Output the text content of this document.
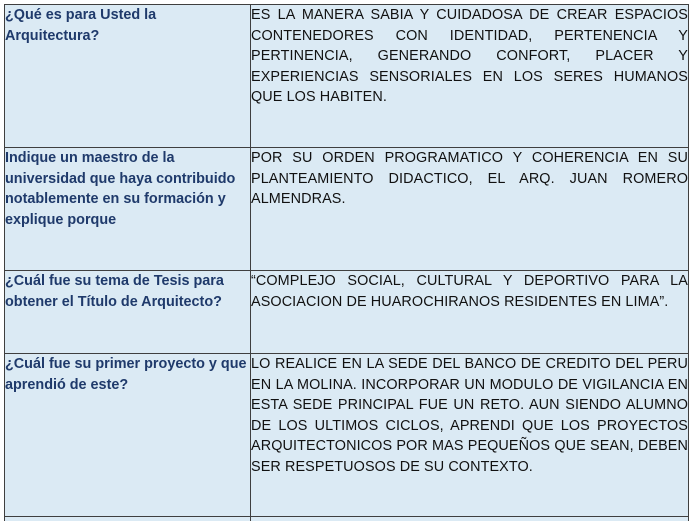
¿Qué es para Usted la Arquitectura?	ES LA MANERA SABIA Y CUIDADOSA DE CREAR ESPACIOS CONTENEDORES CON IDENTIDAD, PERTENENCIA Y PERTINENCIA, GENERANDO CONFORT, PLACER Y EXPERIENCIAS SENSORIALES EN LOS SERES HUMANOS QUE LOS HABITEN.
Indique un maestro de la universidad que haya contribuido notablemente en su formación y explique porque	POR SU ORDEN PROGRAMATICO Y COHERENCIA EN SU PLANTEAMIENTO DIDACTICO, EL ARQ. JUAN ROMERO ALMENDRAS.
¿Cuál fue su tema de Tesis para obtener el Título de Arquitecto?	“COMPLEJO SOCIAL, CULTURAL Y DEPORTIVO PARA LA ASOCIACION DE HUAROCHIRANOS RESIDENTES EN LIMA”.
¿Cuál fue su primer proyecto y que aprendió de este?	LO REALICE EN LA SEDE DEL BANCO DE CREDITO DEL PERU EN LA MOLINA. INCORPORAR UN MODULO DE VIGILANCIA EN ESTA SEDE PRINCIPAL FUE UN RETO. AUN SIENDO ALUMNO DE LOS ULTIMOS CICLOS, APRENDI QUE LOS PROYECTOS ARQUITECTONICOS POR MAS PEQUEÑOS QUE SEAN, DEBEN SER RESPETUOSOS DE SU CONTEXTO.
